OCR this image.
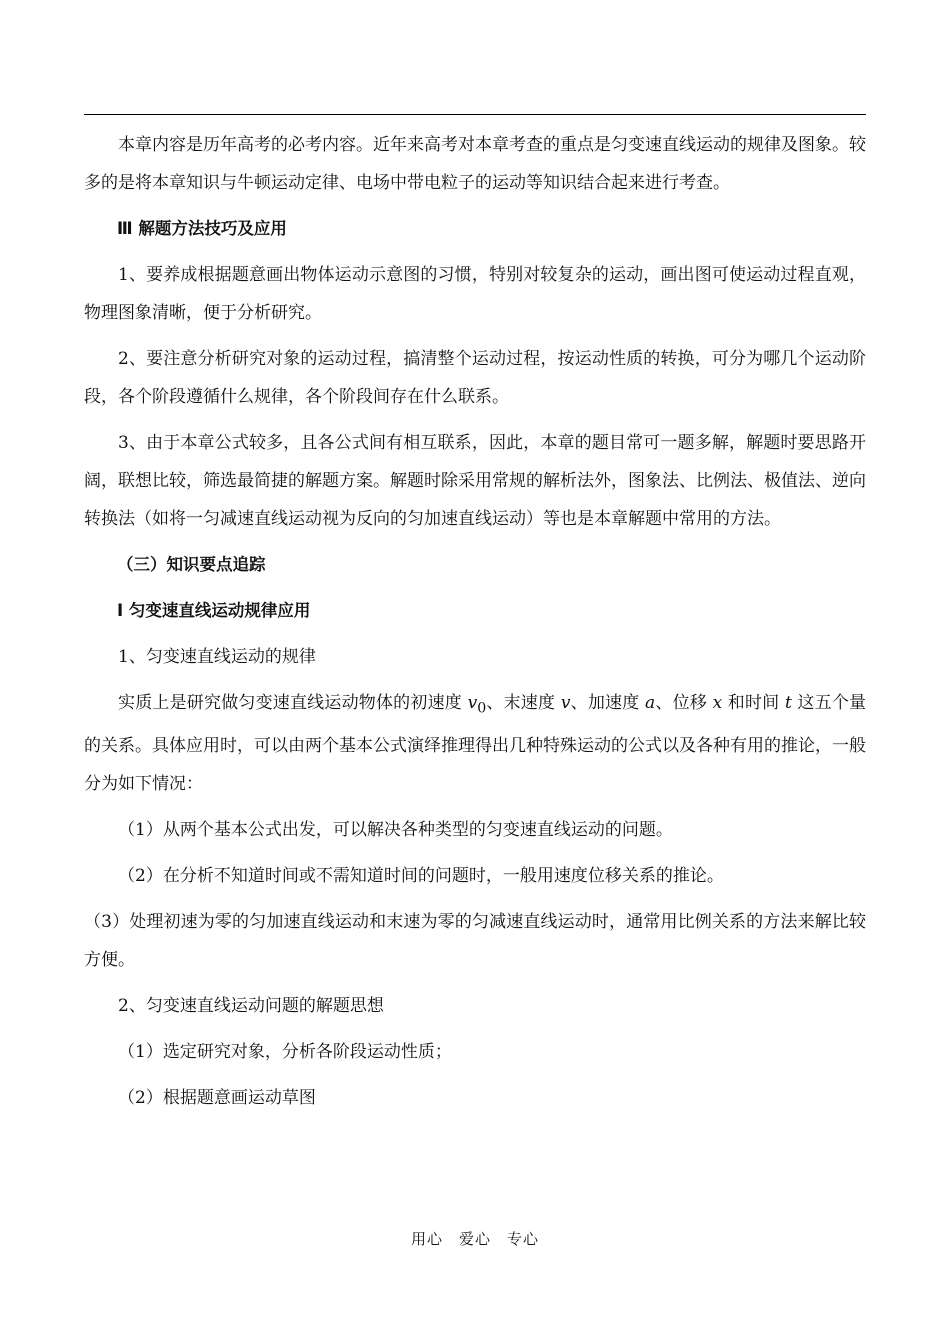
本章内容是历年高考的必考内容。近年来高考对本章考查的重点是匀变速直线运动的规律及图象。较多的是将本章知识与牛顿运动定律、电场中带电粒子的运动等知识结合起来进行考查。

Ⅲ 解题方法技巧及应用

1、要养成根据题意画出物体运动示意图的习惯，特别对较复杂的运动，画出图可使运动过程直观，物理图象清晰，便于分析研究。

2、要注意分析研究对象的运动过程，搞清整个运动过程，按运动性质的转换，可分为哪几个运动阶段，各个阶段遵循什么规律，各个阶段间存在什么联系。

3、由于本章公式较多，且各公式间有相互联系，因此，本章的题目常可一题多解，解题时要思路开阔，联想比较，筛选最简捷的解题方案。解题时除采用常规的解析法外，图象法、比例法、极值法、逆向转换法（如将一匀减速直线运动视为反向的匀加速直线运动）等也是本章解题中常用的方法。

（三）知识要点追踪

Ⅰ 匀变速直线运动规律应用

1、匀变速直线运动的规律

实质上是研究做匀变速直线运动物体的初速度 $v_0$、末速度 v、加速度 a、位移 x 和时间 t 这五个量的关系。具体应用时，可以由两个基本公式演绎推理得出几种特殊运动的公式以及各种有用的推论，一般分为如下情况：

（1）从两个基本公式出发，可以解决各种类型的匀变速直线运动的问题。

（2）在分析不知道时间或不需知道时间的问题时，一般用速度位移关系的推论。

（3）处理初速为零的匀加速直线运动和末速为零的匀减速直线运动时，通常用比例关系的方法来解比较方便。

2、匀变速直线运动问题的解题思想

（1）选定研究对象，分析各阶段运动性质；

（2）根据题意画运动草图

用心　爱心　专心
